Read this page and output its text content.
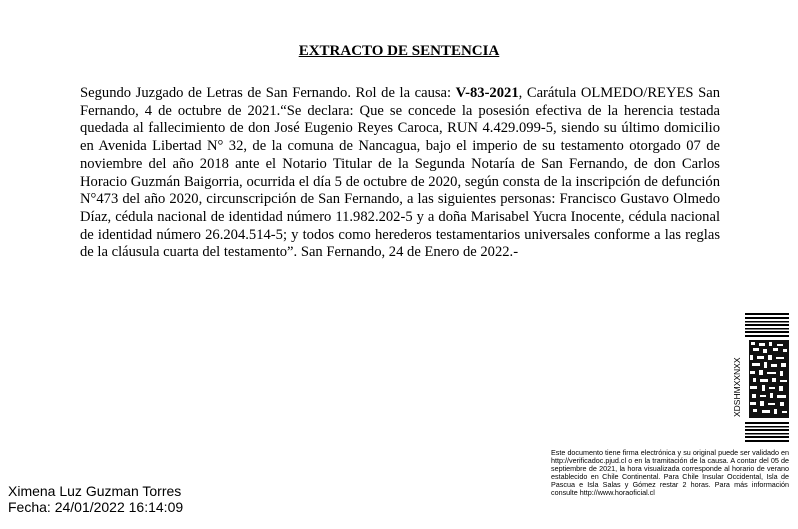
EXTRACTO DE SENTENCIA
Segundo Juzgado de Letras de San Fernando. Rol de la causa: V-83-2021, Carátula OLMEDO/REYES San Fernando, 4 de octubre de 2021.“Se declara: Que se concede la posesión efectiva de la herencia testada quedada al fallecimiento de don José Eugenio Reyes Caroca, RUN 4.429.099-5, siendo su último domicilio en Avenida Libertad N° 32, de la comuna de Nancagua, bajo el imperio de su testamento otorgado 07 de noviembre del año 2018 ante el Notario Titular de la Segunda Notaría de San Fernando, de don Carlos Horacio Guzmán Baigorria, ocurrida el día 5 de octubre de 2020, según consta de la inscripción de defunción N°473 del año 2020, circunscripción de San Fernando, a las siguientes personas: Francisco Gustavo Olmedo Díaz, cédula nacional de identidad número 11.982.202-5 y a doña Marisabel Yucra Inocente, cédula nacional de identidad número 26.204.514-5; y todos como herederos testamentarios universales conforme a las reglas de la cláusula cuarta del testamento”. San Fernando, 24 de Enero de 2022.-
XDSHMXXNXX
Este documento tiene firma electrónica y su original puede ser validado en http://verificadoc.pjud.cl o en la tramitación de la causa. A contar del 05 de septiembre de 2021, la hora visualizada corresponde al horario de verano establecido en Chile Continental. Para Chile Insular Occidental, Isla de Pascua e Isla Salas y Gómez restar 2 horas. Para más información consulte http://www.horaoficial.cl
Ximena Luz Guzman Torres
Fecha: 24/01/2022 16:14:09
